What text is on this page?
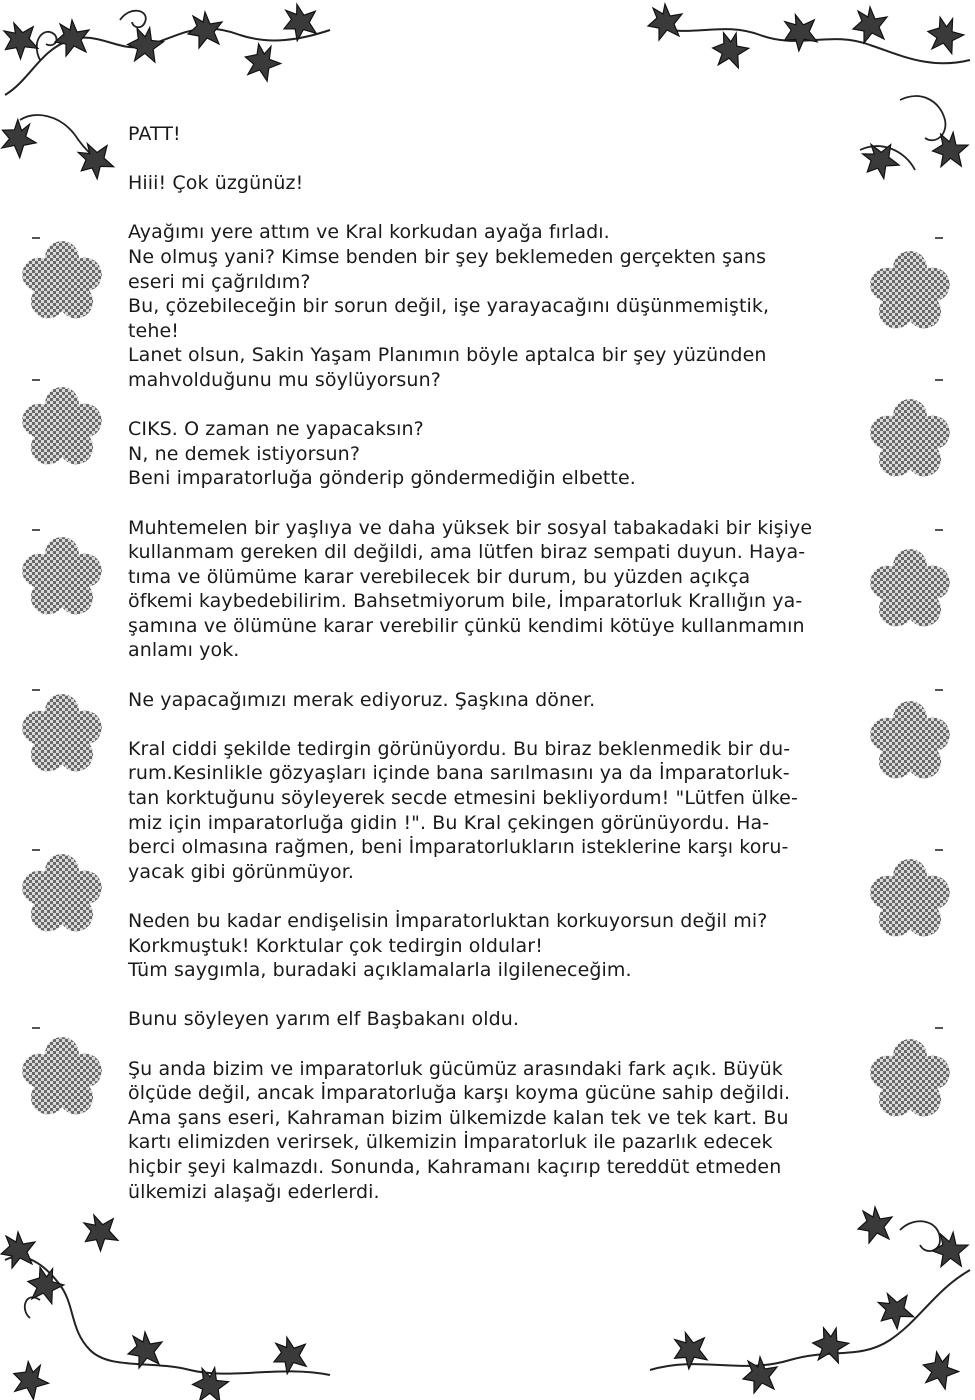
PATT!
Hiii! Çok üzgünüz!
Ayağımı yere attım ve Kral korkudan ayağa fırladı.
Ne olmuş yani? Kimse benden bir şey beklemeden gerçekten şans
eseri mi çağrıldım?
Bu, çözebileceğin bir sorun değil, işe yarayacağını düşünmemiştik,
tehe!
Lanet olsun, Sakin Yaşam Planımın böyle aptalca bir şey yüzünden
mahvolduğunu mu söylüyorsun?
CIKS. O zaman ne yapacaksın?
N, ne demek istiyorsun?
Beni imparatorluğa gönderip göndermediğin elbette.
Muhtemelen bir yaşlıya ve daha yüksek bir sosyal tabakadaki bir kişiye
kullanmam gereken dil değildi, ama lütfen biraz sempati duyun. Haya-
tıma ve ölümüme karar verebilecek bir durum, bu yüzden açıkça
öfkemi kaybedebilirim. Bahsetmiyorum bile, İmparatorluk Krallığın ya-
şamına ve ölümüne karar verebilir çünkü kendimi kötüye kullanmamın
anlamı yok.
Ne yapacağımızı merak ediyoruz. Şaşkına döner.
Kral ciddi şekilde tedirgin görünüyordu. Bu biraz beklenmedik bir du-
rum.Kesinlikle gözyaşları içinde bana sarılmasını ya da İmparatorluk-
tan korktuğunu söyleyerek secde etmesini bekliyordum! "Lütfen ülke-
miz için imparatorluğa gidin !". Bu Kral çekingen görünüyordu. Ha-
berci olmasına rağmen, beni İmparatorlukların isteklerine karşı koru-
yacak gibi görünmüyor.
Neden bu kadar endişelisin İmparatorluktan korkuyorsun değil mi?
Korkmuştuk! Korktular çok tedirgin oldular!
Tüm saygımla, buradaki açıklamalarla ilgileneceğim.
Bunu söyleyen yarım elf Başbakanı oldu.
Şu anda bizim ve imparatorluk gücümüz arasındaki fark açık. Büyük
ölçüde değil, ancak İmparatorluğa karşı koyma gücüne sahip değildi.
Ama şans eseri, Kahraman bizim ülkemizde kalan tek ve tek kart. Bu
kartı elimizden verirsek, ülkemizin İmparatorluk ile pazarlık edecek
hiçbir şeyi kalmazdı. Sonunda, Kahramanı kaçırıp tereddüt etmeden
ülkemizi alaşağı ederlerdi.
